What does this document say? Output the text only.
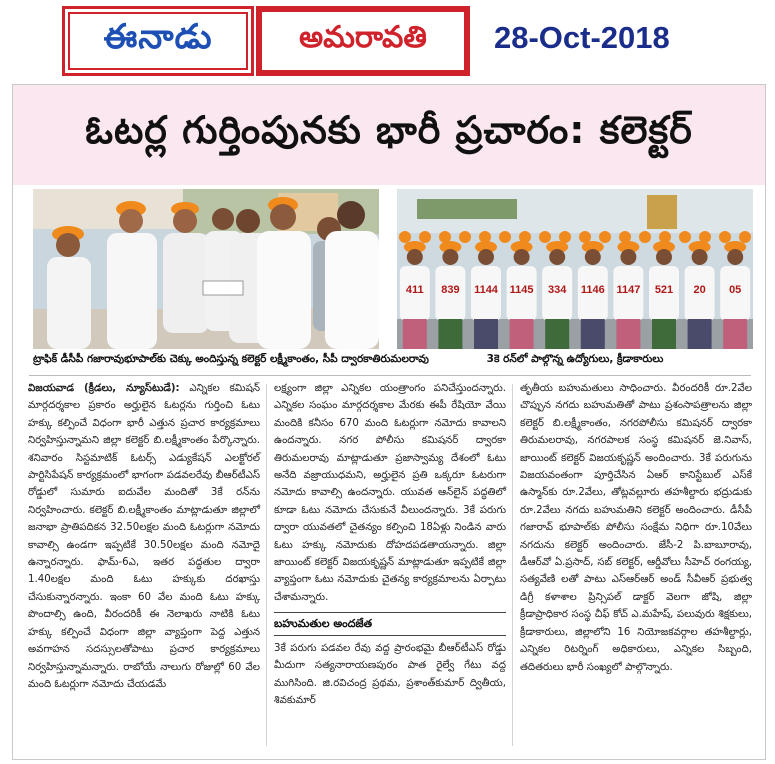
ఈనాడు	అమరావతి	28-Oct-2018
ఓటర్ల గుర్తింపునకు భారీ ప్రచారం: కలెక్టర్
ట్రాఫిక్ డీసీపీ గజారావుభూపాల్‌కు చెక్కు అందిస్తున్న కలెక్టర్ లక్ష్మీకాంతం, సీపీ ద్వారకాతిరుమలరావు
411 839 1144 1145 334 1146 1147 521 20 05
3కె రన్‌లో పాల్గొన్న ఉద్యోగులు, క్రీడాకారులు

విజయవాడ (క్రీడలు, న్యూస్‌టుడే): ఎన్నికల కమిషన్ మార్గదర్శకాల ప్రకారం అర్హులైన ఓటర్లను గుర్తించి ఓటు హక్కు కల్పించే విధంగా భారీ ఎత్తున ప్రచార కార్యక్రమాలు నిర్వహిస్తున్నామని జిల్లా కలెక్టర్ బి.లక్ష్మీకాంతం పేర్కొన్నారు. శనివారం సిస్టమాటిక్ ఓటర్స్ ఎడ్యుకేషన్ ఎలక్టోరల్ పార్టిసిపేషన్ కార్యక్రమంలో భాగంగా పడవలరేవు బీఆర్‌టీఎస్ రోడ్డులో సుమారు ఐదువేల మందితో 3కే రన్‌ను నిర్వహించారు. కలెక్టర్ బి.లక్ష్మీకాంతం మాట్లాడుతూ జిల్లాలో జనాభా ప్రాతిపదికన 32.50లక్షల మంది ఓటర్లుగా నమోదు కావాల్సి ఉండగా ఇప్పటికే 30.50లక్షల మంది నమోదై ఉన్నారన్నారు. ఫామ్-6ఎ, ఇతర పద్ధతుల ద్వారా 1.40లక్షల మంది ఓటు హక్కుకు దరఖాస్తు చేసుకున్నారన్నారు. ఇంకా 60 వేల మంది ఓటు హక్కు పొందాల్సి ఉంది, వీరందరికీ ఈ నెలాఖరు నాటికి ఓటు హక్కు కల్పించే విధంగా జిల్లా వ్యాప్తంగా పెద్ద ఎత్తున అవగాహన సదస్సులతోపాటు ప్రచార కార్యక్రమాలు నిర్వహిస్తున్నామన్నారు. రాబోయే నాలుగు రోజుల్లో 60 వేల మంది ఓటర్లుగా నమోదు చేయడమే

లక్ష్యంగా జిల్లా ఎన్నికల యంత్రాంగం పనిచేస్తుందన్నారు. ఎన్నికల సంఘం మార్గదర్శకాల మేరకు ఈపీ రేషియో వేయి మందికి కనీసం 670 మంది ఓటర్లుగా నమోదు కావాలని ఉందన్నారు. నగర పోలీసు కమిషనర్ ద్వారకా తిరుమలరావు మాట్లాడుతూ ప్రజాస్వామ్య దేశంలో ఓటు అనేది వజ్రాయుధమని, అర్హులైన ప్రతి ఒక్కరూ ఓటరుగా నమోదు కావాల్సి ఉందన్నారు. యువత ఆన్‌లైన్ పద్ధతిలో కూడా ఓటు నమోదు చేసుకునే వీలుందన్నారు. 3కే పరుగు ద్వారా యువతలో చైతన్యం కల్పించి 18ఏళ్లు నిండిన వారు ఓటు హక్కు నమోదుకు దోహదపడతాయన్నారు. జిల్లా జాయింట్ కలెక్టర్ విజయకృష్ణన్ మాట్లాడుతూ ఇప్పటికే జిల్లా వ్యాప్తంగా ఓటు నమోదుకు చైతన్య కార్యక్రమాలను ఏర్పాటు చేశామన్నారు.

బహుమతుల అందజేత

3కే పరుగు పడవల రేవు వద్ద ప్రారంభమై బీఆర్‌టీఎస్ రోడ్డు మీదుగా సత్యనారాయణపురం పాత రైల్వే గేటు వద్ద ముగిసింది. జి.రవిచంద్ర ప్రథమ, ప్రశాంత్‌కుమార్ ద్వితీయ, శివకుమార్

తృతీయ బహుమతులు సాధించారు. వీరందరికీ రూ.2వేల చొప్పున నగదు బహుమతితో పాటు ప్రశంసాపత్రాలను జిల్లా కలెక్టర్ బి.లక్ష్మీకాంతం, నగరపోలీసు కమిషనర్ ద్వారకా తిరుమలరావు, నగరపాలక సంస్థ కమిషనర్ జె.నివాస్, జాయింట్ కలెక్టర్ విజయకృష్ణన్ అందించారు. 3కే పరుగును విజయవంతంగా పూర్తిచేసిన ఏఆర్ కానిస్టేబుల్ ఎస్‌కే ఉస్మాన్‌కు రూ.2వేలు, తోట్లవల్లూరు తహశీల్దారు భద్రుడుకు రూ.2వేలు నగదు బహుమతిని కలెక్టర్ అందించారు. డీసీపీ గజారావ్ భూపాల్‌కు పోలీసు సంక్షేమ నిధిగా రూ.10వేలు నగదును కలెక్టర్ అందించారు. జేసీ-2 పి.బాబూరావు, డీఆర్‌వో ఏ.ప్రసాద్, సబ్ కలెక్టర్, ఆర్డీవోలు సీహెచ్ రంగయ్య, సత్యవేణి లతో పాటు ఎస్‌ఆర్‌ఆర్ అండ్ సీవీఆర్ ప్రభుత్వ డిగ్రీ కళాశాల ప్రిన్సిపల్ డాక్టర్ వెలగా జోషి, జిల్లా క్రీడాప్రాధికార సంస్థ చీఫ్ కోచ్ ఎ.మహేష్, పలువురు శిక్షకులు, క్రీడాకారులు, జిల్లాలోని 16 నియోజకవర్గాల తహశీల్దార్లు, ఎన్నికల రిటర్నింగ్ అధికారులు, ఎన్నికల సిబ్బంది, తదితరులు భారీ సంఖ్యలో పాల్గొన్నారు.
